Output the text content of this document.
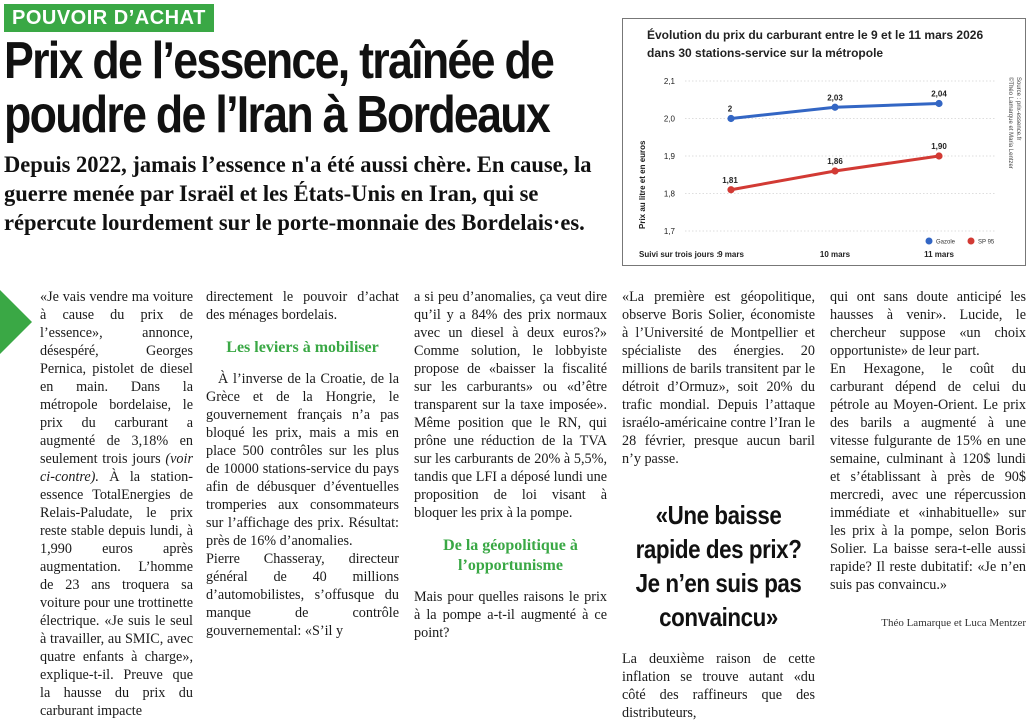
POUVOIR D’ACHAT
Prix de l’essence, traînée de
poudre de l’Iran à Bordeaux
Depuis 2022, jamais l’essence n'a été aussi chère. En cause, la guerre menée par Israël et les États-Unis en Iran, qui se répercute lourdement sur le porte-monnaie des Bordelais·es.
Évolution du prix du carburant entre le 9 et le 11 mars 2026
dans 30 stations-service sur la métropole
Prix au litre et en euros
Suivi sur trois jours :
©Théo Lamarque et Maria Lentzer Source : prix-essence.fr
2,1
2,0
1,9
1,8
1,7
9 mars	10 mars	11 mars
2
2,03	2,04
Gazole
1,81
1,86
1,90
SP 95

«Je vais vendre ma voiture à cause du prix de l’essence», annonce, désespéré, Georges Pernica, pistolet de diesel en main. Dans la métropole bordelaise, le prix du carburant a augmenté de 3,18% en seulement trois jours (voir ci-contre). À la station-essence TotalEnergies de Relais-Paludate, le prix reste stable depuis lundi, à 1,990 euros après augmentation. L’homme de 23 ans troquera sa voiture pour une trottinette électrique. «Je suis le seul à travailler, au SMIC, avec quatre enfants à charge», explique-t-il. Preuve que la hausse du prix du carburant impacte

directement le pouvoir d’achat des ménages bordelais.

Les leviers à mobiliser

À l’inverse de la Croatie, de la Grèce et de la Hongrie, le gouvernement français n’a pas bloqué les prix, mais a mis en place 500 contrôles sur les plus de 10000 stations-service du pays afin de débusquer d’éventuelles tromperies aux consommateurs sur l’affichage des prix. Résultat: près de 16% d’anomalies.

Pierre Chasseray, directeur général de 40 millions d’automobilistes, s’offusque du manque de contrôle gouvernemental: «S’il y

a si peu d’anomalies, ça veut dire qu’il y a 84% des prix normaux avec un diesel à deux euros?» Comme solution, le lobbyiste propose de «baisser la fiscalité sur les carburants» ou «d’être transparent sur la taxe imposée». Même position que le RN, qui prône une réduction de la TVA sur les carburants de 20% à 5,5%, tandis que LFI a déposé lundi une proposition de loi visant à bloquer les prix à la pompe.

De la géopolitique à l’opportunisme

Mais pour quelles raisons le prix à la pompe a-t-il augmenté à ce point?

«La première est géopolitique, observe Boris Solier, économiste à l’Université de Montpellier et spécialiste des énergies. 20 millions de barils transitent par le détroit d’Ormuz», soit 20% du trafic mondial. Depuis l’attaque israélo-américaine contre l’Iran le 28 février, presque aucun baril n’y passe.

«Une baisse rapide des prix? Je n’en suis pas convaincu»

La deuxième raison de cette inflation se trouve autant «du côté des raffineurs que des distributeurs,

qui ont sans doute anticipé les hausses à venir». Lucide, le chercheur suppose «un choix opportuniste» de leur part.

En Hexagone, le coût du carburant dépend de celui du pétrole au Moyen-Orient. Le prix des barils a augmenté à une vitesse fulgurante de 15% en une semaine, culminant à 120$ lundi et s’établissant à près de 90$ mercredi, avec une répercussion immédiate et «inhabituelle» sur les prix à la pompe, selon Boris Solier. La baisse sera-t-elle aussi rapide? Il reste dubitatif: «Je n’en suis pas convaincu.»

Théo Lamarque et Luca Mentzer
